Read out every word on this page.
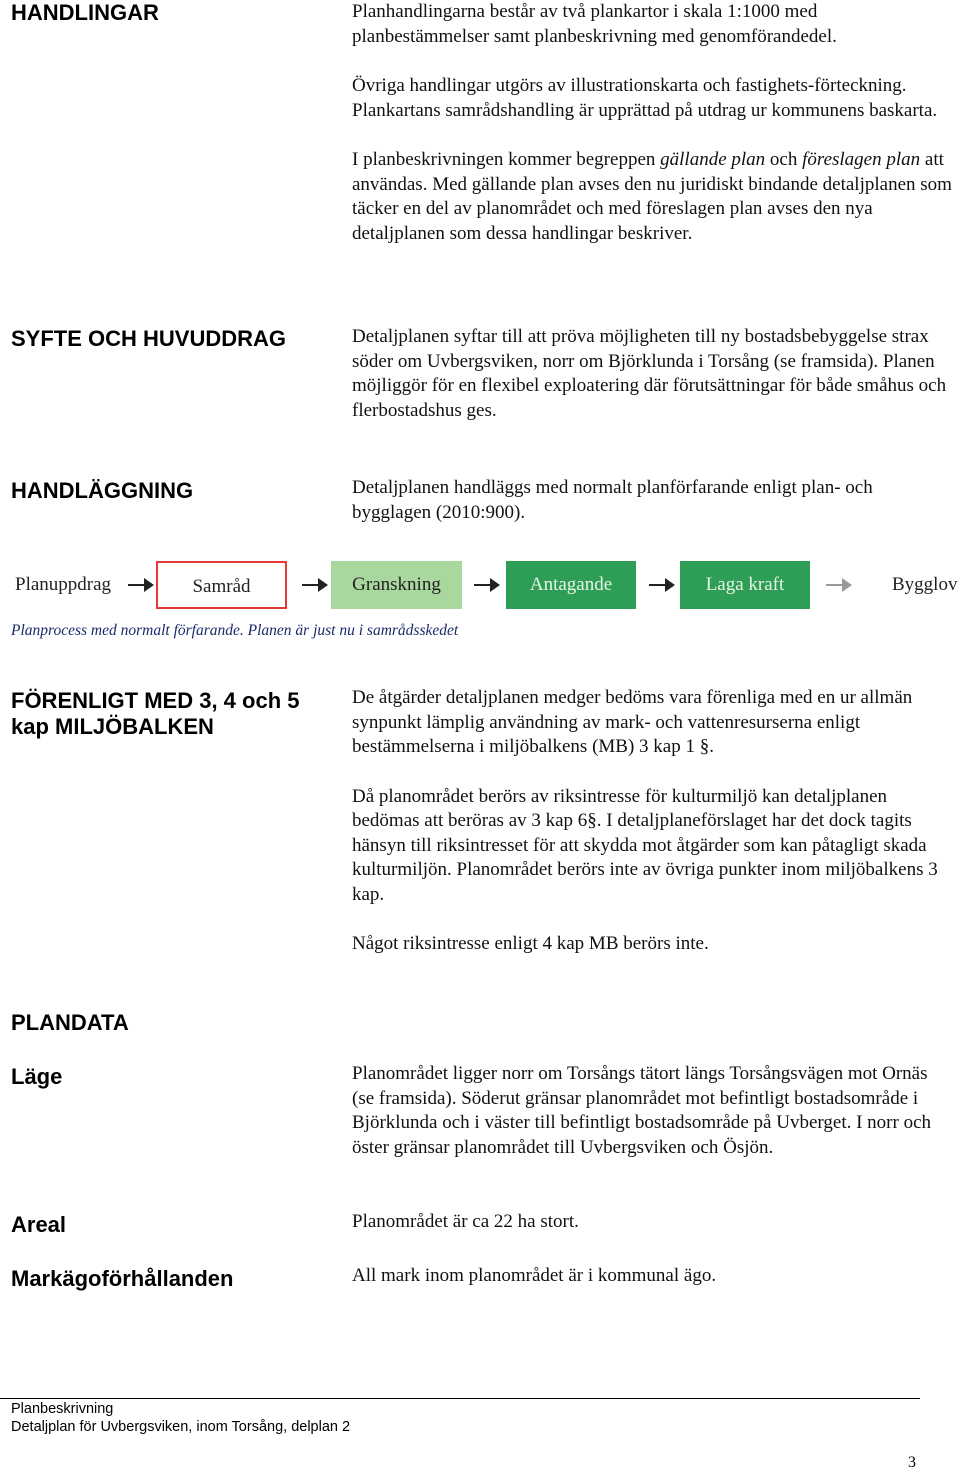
HANDLINGAR	Planhandlingarna består av två plankartor i skala 1:1000 med planbestämmelser samt planbeskrivning med genomförandedel.

Övriga handlingar utgörs av illustrationskarta och fastighets-förteckning. Plankartans samrådshandling är upprättad på utdrag ur kommunens baskarta.

I planbeskrivningen kommer begreppen gällande plan och föreslagen plan att användas. Med gällande plan avses den nu juridiskt bindande detaljplanen som täcker en del av planområdet och med föreslagen plan avses den nya detaljplanen som dessa handlingar beskriver.

SYFTE OCH HUVUDDRAG	Detaljplanen syftar till att pröva möjligheten till ny bostadsbebyggelse strax söder om Uvbergsviken, norr om Björklunda i Torsång (se framsida). Planen möjliggör för en flexibel exploatering där förutsättningar för både småhus och flerbostadshus ges.

HANDLÄGGNING	Detaljplanen handläggs med normalt planförfarande enligt plan- och bygglagen (2010:900).

Planuppdrag	Samråd	Granskning	Antagande	Laga kraft	Bygglov
Planprocess med normalt förfarande. Planen är just nu i samrådsskedet
FÖRENLIGT MED 3, 4 och 5
kap MILJÖBALKEN

De åtgärder detaljplanen medger bedöms vara förenliga med en ur allmän synpunkt lämplig användning av mark- och vattenresurserna enligt bestämmelserna i miljöbalkens (MB) 3 kap 1 §.

Då planområdet berörs av riksintresse för kulturmiljö kan detaljplanen bedömas att beröras av 3 kap 6§. I detaljplaneförslaget har det dock tagits hänsyn till riksintresset för att skydda mot åtgärder som kan påtagligt skada kulturmiljön. Planområdet berörs inte av övriga punkter inom miljöbalkens 3 kap.

Något riksintresse enligt 4 kap MB berörs inte.

PLANDATA
Läge	Planområdet ligger norr om Torsångs tätort längs Torsångsvägen mot Ornäs (se framsida). Söderut gränsar planområdet mot befintligt bostadsområde i Björklunda och i väster till befintligt bostadsområde på Uvberget. I norr och öster gränsar planområdet till Uvbergsviken och Ösjön.

Areal	Planområdet är ca 22 ha stort.

Markägoförhållanden	All mark inom planområdet är i kommunal ägo.

Planbeskrivning
Detaljplan för Uvbergsviken, inom Torsång, delplan 2
3
